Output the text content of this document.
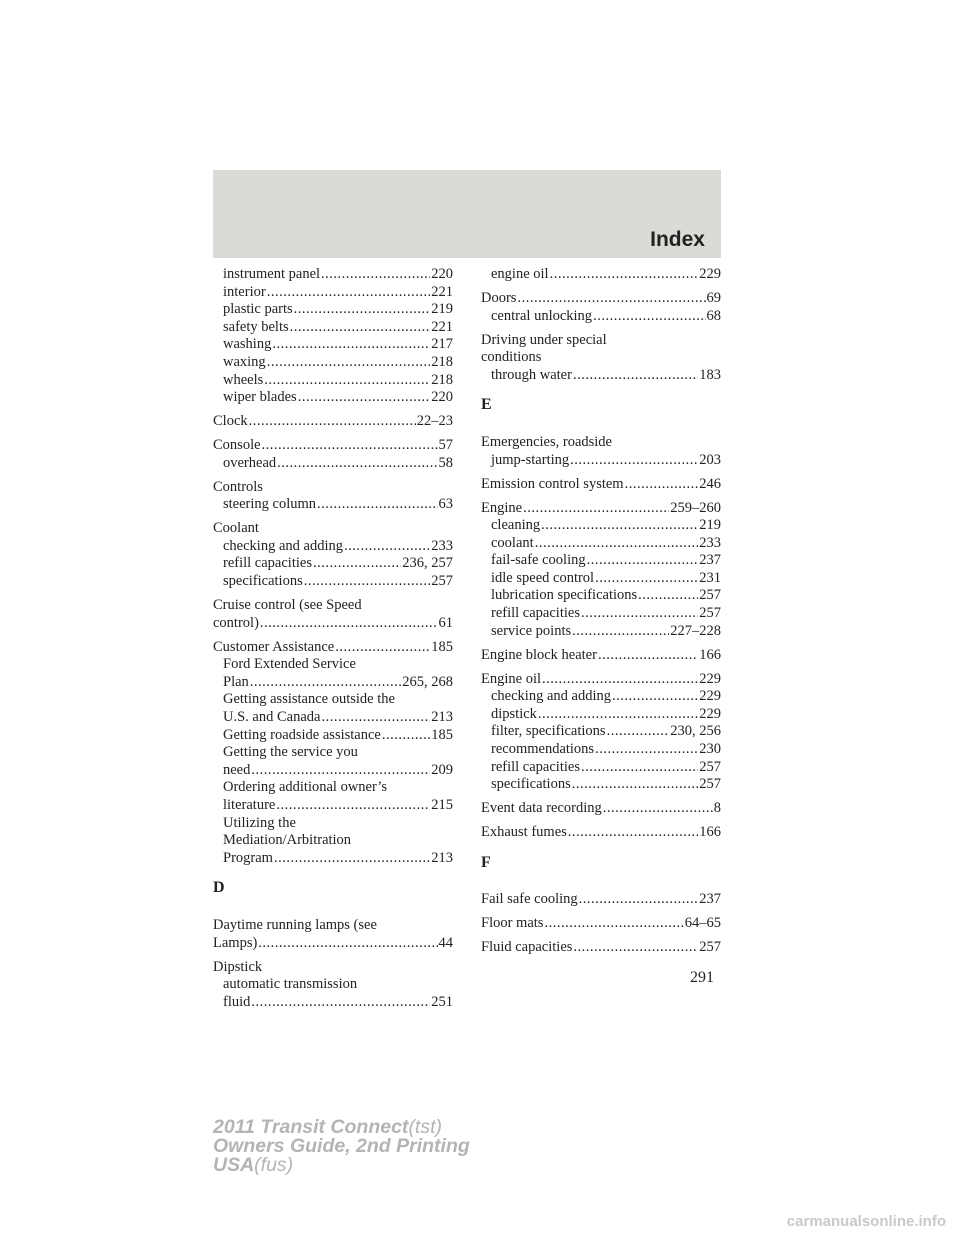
Index
instrument panel .....	220
interior .....	221
plastic parts .....	219
safety belts .....	221
washing .....	217
waxing .....	218
wheels .....	218
wiper blades .....	220
Clock .....	22–23
Console .....	57
overhead .....	58
Controls
steering column .....	63
Coolant
checking and adding .....	233
refill capacities .....	236, 257
specifications .....	257
Cruise control (see Speed
control) .....	61
Customer Assistance .....	185
Ford Extended Service
Plan .....	265, 268
Getting assistance outside the
U.S. and Canada .....	213
Getting roadside assistance .....	185
Getting the service you
need .....	209
Ordering additional owner’s
literature .....	215
Utilizing the
Mediation/Arbitration
Program .....	213
D
Daytime running lamps (see
Lamps) .....	44
Dipstick
automatic transmission
fluid .....	251
engine oil .....	229
Doors .....	69
central unlocking .....	68
Driving under special
conditions
through water .....	183
E
Emergencies, roadside
jump-starting .....	203
Emission control system .....	246
Engine .....	259–260
cleaning .....	219
coolant .....	233
fail-safe cooling .....	237
idle speed control .....	231
lubrication specifications .....	257
refill capacities .....	257
service points .....	227–228
Engine block heater .....	166
Engine oil .....	229
checking and adding .....	229
dipstick .....	229
filter, specifications .....	230, 256
recommendations .....	230
refill capacities .....	257
specifications .....	257
Event data recording .....	8
Exhaust fumes .....	166
F
Fail safe cooling .....	237
Floor mats .....	64–65
Fluid capacities .....	257
291
2011 Transit Connect(tst)
Owners Guide, 2nd Printing
USA(fus)
carmanualsonline.info
